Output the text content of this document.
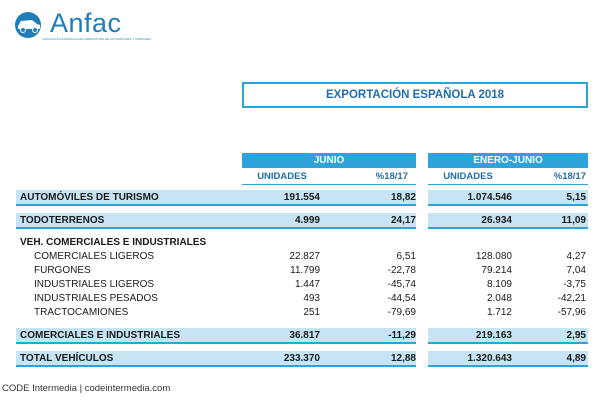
Anfac
ASOCIACIÓN ESPAÑOLA DE FABRICANTES DE AUTOMÓVILES Y CAMIONES
EXPORTACIÓN ESPAÑOLA 2018
JUNIO	ENERO-JUNIO
UNIDADES	%18/17	UNIDADES	%18/17
AUTOMÓVILES DE TURISMO	191.554	18,82	1.074.546	5,15
TODOTERRENOS	4.999	24,17	26.934	11,09
VEH. COMERCIALES E INDUSTRIALES
COMERCIALES LIGEROS	22.827	6,51	128.080	4,27
FURGONES	11.799	-22,78	79.214	7,04
INDUSTRIALES LIGEROS	1.447	-45,74	8.109	-3,75
INDUSTRIALES PESADOS	493	-44,54	2.048	-42,21
TRACTOCAMIONES	251	-79,69	1.712	-57,96
COMERCIALES E INDUSTRIALES	36.817	-11,29	219.163	2,95
TOTAL VEHÍCULOS	233.370	12,88	1.320.643	4,89
CODE Intermedia | codeintermedia.com
